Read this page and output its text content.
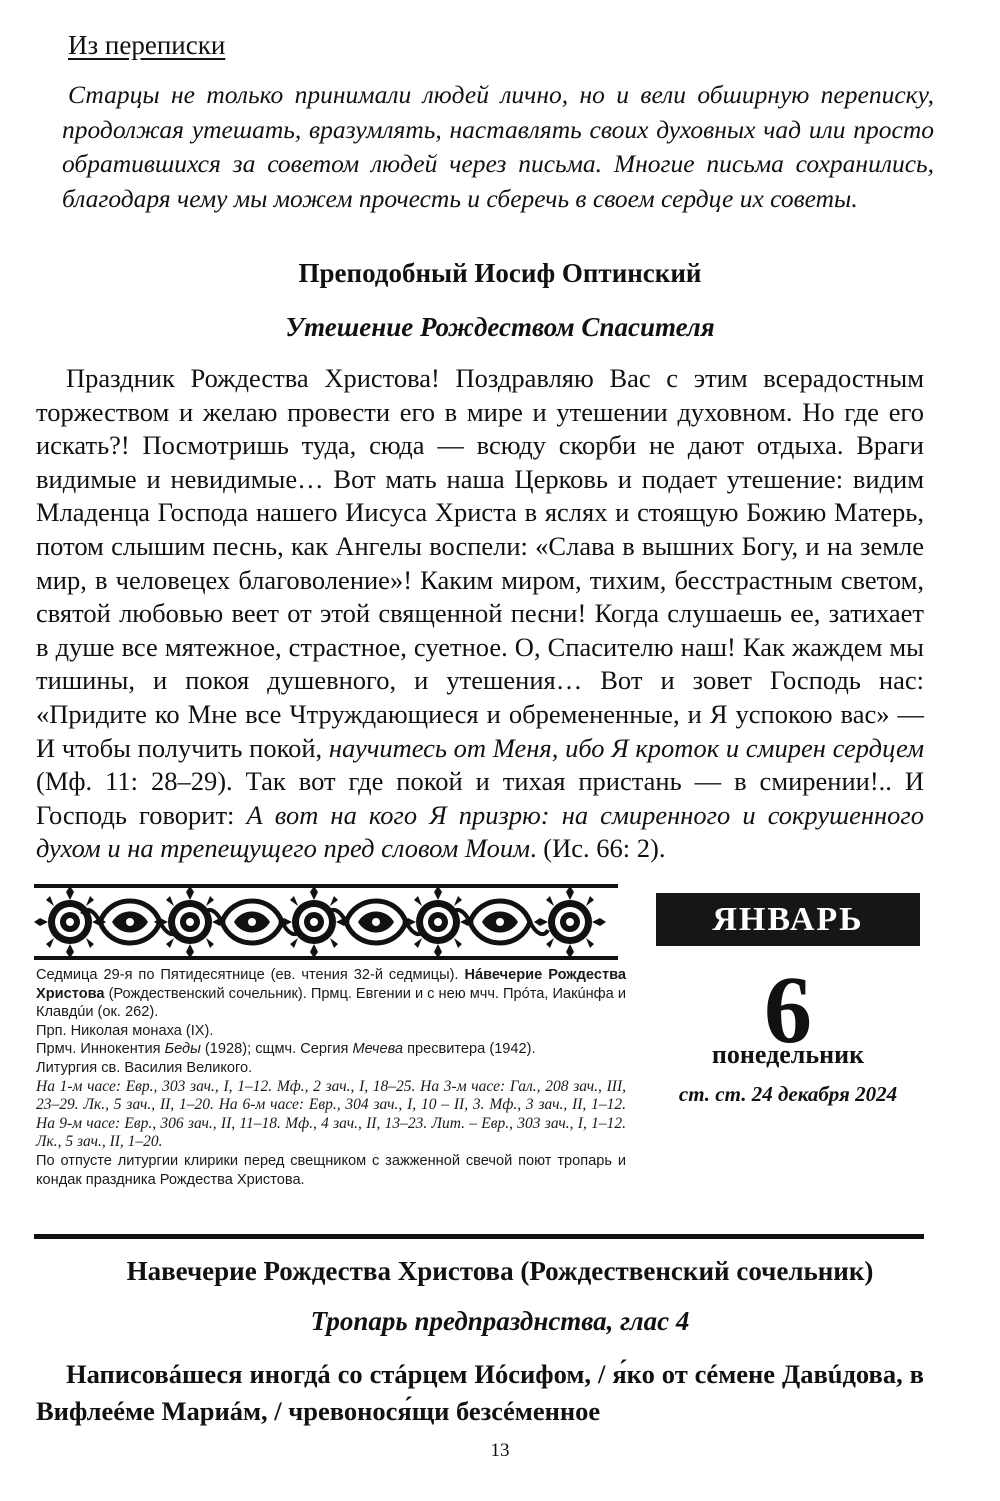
Из переписки

Старцы не только принимали людей лично, но и вели обширную переписку, продолжая утешать, вразумлять, наставлять своих духовных чад или просто обратившихся за советом людей через письма. Многие письма сохранились, благодаря чему мы можем прочесть и сберечь в своем сердце их советы.

Преподобный Иосиф Оптинский
Утешение Рождеством Спасителя

Праздник Рождества Христова! Поздравляю Вас с этим всерадостным торжеством и желаю провести его в мире и утешении духовном. Но где его искать?! Посмотришь туда, сюда — всюду скорби не дают отдыха. Враги видимые и невидимые… Вот мать наша Церковь и подает утешение: видим Младенца Господа нашего Иисуса Христа в яслях и стоящую Божию Матерь, потом слышим песнь, как Ангелы воспели: «Слава в вышних Богу, и на земле мир, в человецех благоволение»! Каким миром, тихим, бесстрастным светом, святой любовью веет от этой священной песни! Когда слушаешь ее, затихает в душе все мятежное, страстное, суетное. О, Спасителю наш! Как жаждем мы тишины, и покоя душевного, и утешения… Вот и зовет Господь нас: «Придите ко Мне все Чтруждающиеся и обремененные, и Я успокою вас» — И чтобы получить покой, научитесь от Меня, ибо Я кроток и смирен сердцем (Мф. 11: 28–29). Так вот где покой и тихая пристань — в смирении!.. И Господь говорит: А вот на кого Я призрю: на смиренного и сокрушенного духом и на трепещущего пред словом Моим. (Ис. 66: 2).

Седмица 29-я по Пятидесятнице (ев. чтения 32-й седмицы). Нáвечерие Рождества Христова (Рождественский сочельник). Прмц. Евгении и с нею мчч. Прóта, Иакúнфа и Клавдúи (ок. 262).

Прп. Николая монаха (IX).

Прмч. Иннокентия Беды (1928); сщмч. Сергия Мечева пресвитера (1942).

Литургия св. Василия Великого.

На 1-м часе: Евр., 303 зач., I, 1–12. Мф., 2 зач., I, 18–25. На 3-м часе: Гал., 208 зач., III, 23–29. Лк., 5 зач., II, 1–20. На 6-м часе: Евр., 304 зач., I, 10 – II, 3. Мф., 3 зач., II, 1–12. На 9-м часе: Евр., 306 зач., II, 11–18. Мф., 4 зач., II, 13–23. Лит. – Евр., 303 зач., I, 1–12. Лк., 5 зач., II, 1–20.

По отпусте литургии клирики перед свещником с зажженной свечой поют тропарь и кондак праздника Рождества Христова.

ЯНВАРЬ
6
понедельник
ст. ст. 24 декабря 2024
Навечерие Рождества Христова (Рождественский сочельник)
Тропарь предпразднства, глас 4

Написовáшеся иногдá со стáрцем Иóсифом, / я́ко от сéмене Давúдова, в Вифлеéме Мариáм, / чревонося́щи безсéменное

13
